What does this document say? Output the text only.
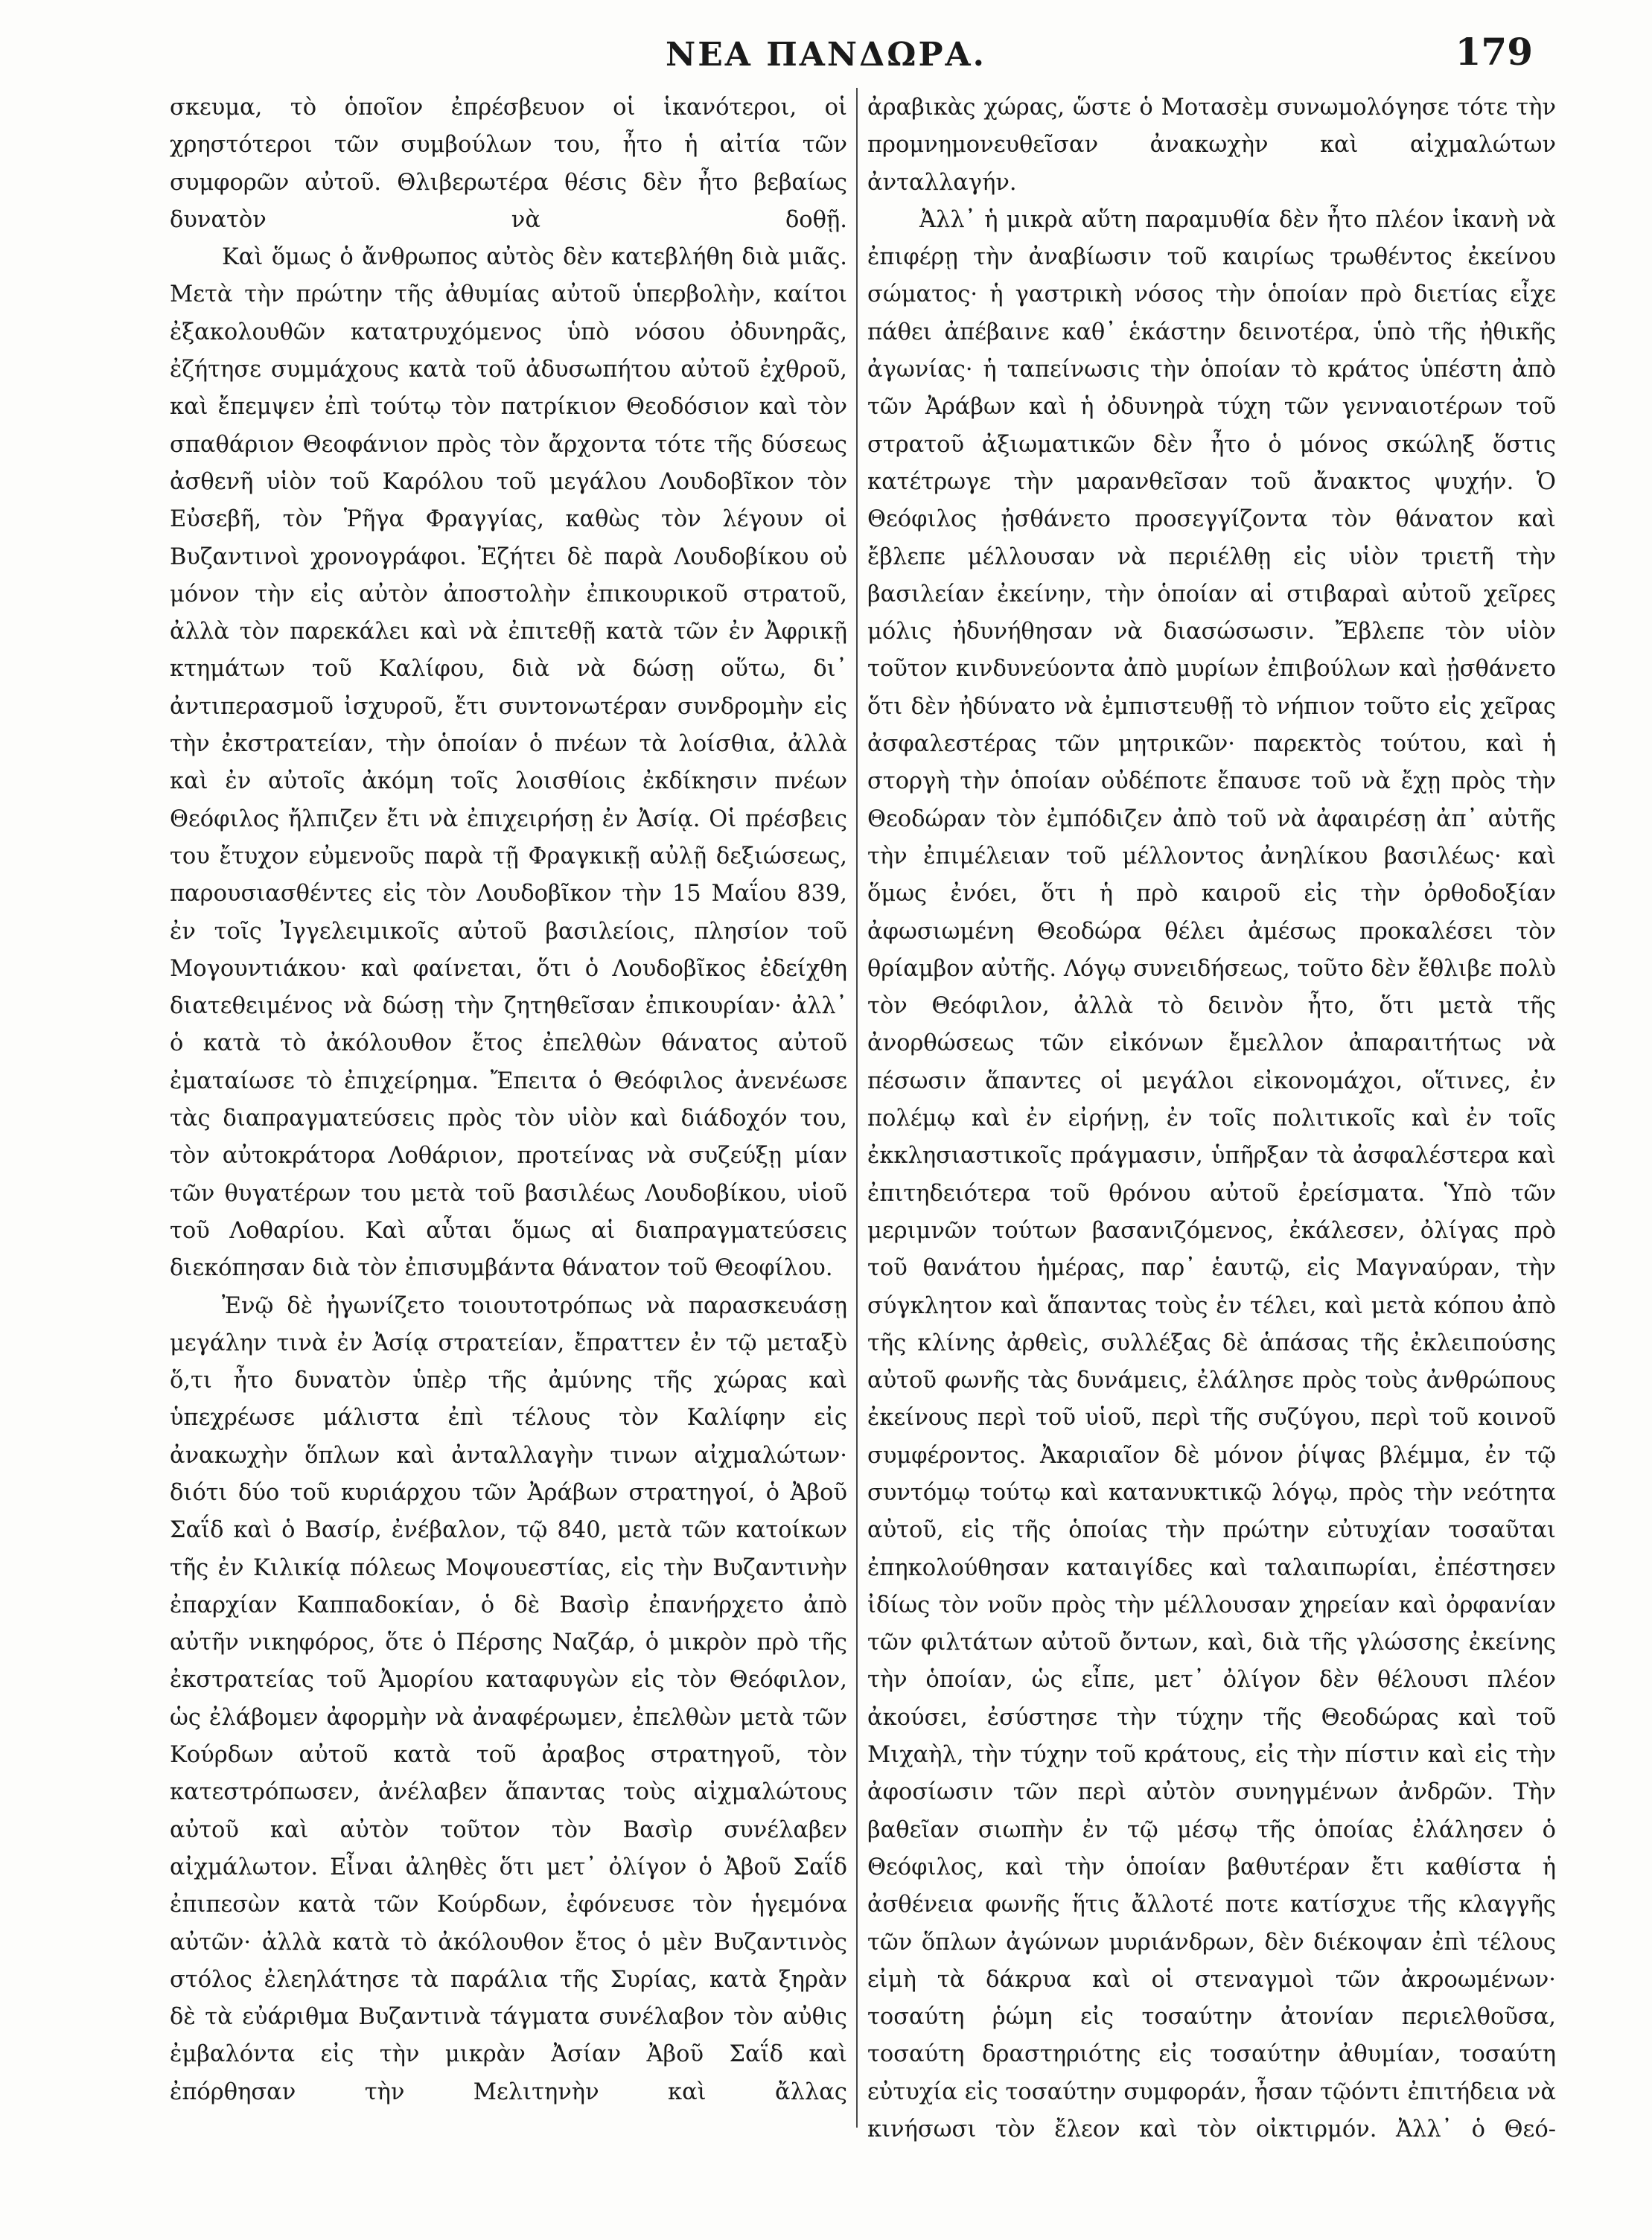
ΝΕΑ ΠΑΝΔΩΡΑ.	179

σκευμα, τὸ ὁποῖον ἐπρέσβευον οἱ ἱκανότεροι, οἱ χρηστότεροι τῶν συμβούλων του, ἦτο ἡ αἰτία τῶν συμφορῶν αὐτοῦ. Θλιβερωτέρα θέσις δὲν ἦτο βεβαίως δυνατὸν νὰ δοθῇ.

Καὶ ὅμως ὁ ἄνθρωπος αὐτὸς δὲν κατεβλήθη διὰ μιᾶς. Μετὰ τὴν πρώτην τῆς ἀθυμίας αὐτοῦ ὑπερβολὴν, καίτοι ἐξακολουθῶν κατατρυχόμενος ὑπὸ νόσου ὀδυνηρᾶς, ἐζήτησε συμμάχους κατὰ τοῦ ἀδυσωπήτου αὐτοῦ ἐχθροῦ, καὶ ἔπεμψεν ἐπὶ τούτῳ τὸν πατρίκιον Θεοδόσιον καὶ τὸν σπαθάριον Θεοφάνιον πρὸς τὸν ἄρχοντα τότε τῆς δύσεως ἀσθενῆ υἱὸν τοῦ Καρόλου τοῦ μεγάλου Λουδοβῖκον τὸν Εὐσεβῆ, τὸν Ῥῆγα Φραγγίας, καθὼς τὸν λέγουν οἱ Βυζαντινοὶ χρονογράφοι. Ἐζήτει δὲ παρὰ Λουδοβίκου οὐ μόνον τὴν εἰς αὐτὸν ἀποστολὴν ἐπικουρικοῦ στρατοῦ, ἀλλὰ τὸν παρεκάλει καὶ νὰ ἐπιτεθῇ κατὰ τῶν ἐν Ἀφρικῇ κτημάτων τοῦ Καλίφου, διὰ νὰ δώσῃ οὕτω, δι᾽ ἀντιπερασμοῦ ἰσχυροῦ, ἔτι συντονωτέραν συνδρομὴν εἰς τὴν ἐκστρατείαν, τὴν ὁποίαν ὁ πνέων τὰ λοίσθια, ἀλλὰ καὶ ἐν αὐτοῖς ἀκόμη τοῖς λοισθίοις ἐκδίκησιν πνέων Θεόφιλος ἤλπιζεν ἔτι νὰ ἐπιχειρήσῃ ἐν Ἀσίᾳ. Οἱ πρέσβεις του ἔτυχον εὐμενοῦς παρὰ τῇ Φραγκικῇ αὐλῇ δεξιώσεως, παρουσιασθέντες εἰς τὸν Λουδοβῖκον τὴν 15 Μαΐου 839, ἐν τοῖς Ἰγγελειμικοῖς αὐτοῦ βασιλείοις, πλησίον τοῦ Μογουντιάκου· καὶ φαίνεται, ὅτι ὁ Λουδοβῖκος ἐδείχθη διατεθειμένος νὰ δώσῃ τὴν ζητηθεῖσαν ἐπικουρίαν· ἀλλ᾽ ὁ κατὰ τὸ ἀκόλουθον ἔτος ἐπελθὼν θάνατος αὐτοῦ ἐματαίωσε τὸ ἐπιχείρημα. Ἔπειτα ὁ Θεόφιλος ἀνενέωσε τὰς διαπραγματεύσεις πρὸς τὸν υἱὸν καὶ διάδοχόν του, τὸν αὐτοκράτορα Λοθάριον, προτείνας νὰ συζεύξῃ μίαν τῶν θυγατέρων του μετὰ τοῦ βασιλέως Λουδοβίκου, υἱοῦ τοῦ Λοθαρίου. Καὶ αὗται ὅμως αἱ διαπραγματεύσεις διεκόπησαν διὰ τὸν ἐπισυμβάντα θάνατον τοῦ Θεοφίλου.

Ἐνῷ δὲ ἠγωνίζετο τοιουτοτρόπως νὰ παρασκευάσῃ μεγάλην τινὰ ἐν Ἀσίᾳ στρατείαν, ἔπραττεν ἐν τῷ μεταξὺ ὅ,τι ἦτο δυνατὸν ὑπὲρ τῆς ἀμύνης τῆς χώρας καὶ ὑπεχρέωσε μάλιστα ἐπὶ τέλους τὸν Καλίφην εἰς ἀνακωχὴν ὅπλων καὶ ἀνταλλαγὴν τινων αἰχμαλώτων· διότι δύο τοῦ κυριάρχου τῶν Ἀράβων στρατηγοί, ὁ Ἀβοῦ Σαΐδ καὶ ὁ Βασίρ, ἐνέβαλον, τῷ 840, μετὰ τῶν κατοίκων τῆς ἐν Κιλικίᾳ πόλεως Μοψουεστίας, εἰς τὴν Βυζαντινὴν ἐπαρχίαν Καππαδοκίαν, ὁ δὲ Βασὶρ ἐπανήρχετο ἀπὸ αὐτῆν νικηφόρος, ὅτε ὁ Πέρσης Ναζάρ, ὁ μικρὸν πρὸ τῆς ἐκστρατείας τοῦ Ἀμορίου καταφυγὼν εἰς τὸν Θεόφιλον, ὡς ἐλάβομεν ἀφορμὴν νὰ ἀναφέρωμεν, ἐπελθὼν μετὰ τῶν Κούρδων αὐτοῦ κατὰ τοῦ ἀραβος στρατηγοῦ, τὸν κατεστρόπωσεν, ἀνέλαβεν ἅπαντας τοὺς αἰχμαλώτους αὐτοῦ καὶ αὐτὸν τοῦτον τὸν Βασὶρ συνέλαβεν αἰχμάλωτον. Εἶναι ἀληθὲς ὅτι μετ᾽ ὀλίγον ὁ Ἀβοῦ Σαΐδ ἐπιπεσὼν κατὰ τῶν Κούρδων, ἐφόνευσε τὸν ἡγεμόνα αὐτῶν· ἀλλὰ κατὰ τὸ ἀκόλουθον ἔτος ὁ μὲν Βυζαντινὸς στόλος ἐλεηλάτησε τὰ παράλια τῆς Συρίας, κατὰ ξηρὰν δὲ τὰ εὐάριθμα Βυζαντινὰ τάγματα συνέλαβον τὸν αὐθις ἐμβαλόντα εἰς τὴν μικρὰν Ἀσίαν Ἀβοῦ Σαΐδ καὶ ἐπόρθησαν τὴν Μελιτηνὴν καὶ ἄλλας

ἀραβικὰς χώρας, ὥστε ὁ Μοτασὲμ συνωμολόγησε τότε τὴν προμνημονευθεῖσαν ἀνακωχὴν καὶ αἰχμαλώτων ἀνταλλαγήν.

Ἀλλ᾽ ἡ μικρὰ αὕτη παραμυθία δὲν ἦτο πλέον ἱκανὴ νὰ ἐπιφέρῃ τὴν ἀναβίωσιν τοῦ καιρίως τρωθέντος ἐκείνου σώματος· ἡ γαστρικὴ νόσος τὴν ὁποίαν πρὸ διετίας εἶχε πάθει ἀπέβαινε καθ᾽ ἑκάστην δεινοτέρα, ὑπὸ τῆς ἠθικῆς ἀγωνίας· ἡ ταπείνωσις τὴν ὁποίαν τὸ κράτος ὑπέστη ἀπὸ τῶν Ἀράβων καὶ ἡ ὀδυνηρὰ τύχη τῶν γενναιοτέρων τοῦ στρατοῦ ἀξιωματικῶν δὲν ἦτο ὁ μόνος σκώληξ ὅστις κατέτρωγε τὴν μαρανθεῖσαν τοῦ ἄνακτος ψυχήν. Ὁ Θεόφιλος ᾐσθάνετο προσεγγίζοντα τὸν θάνατον καὶ ἔβλεπε μέλλουσαν νὰ περιέλθῃ εἰς υἱὸν τριετῆ τὴν βασιλείαν ἐκείνην, τὴν ὁποίαν αἱ στιβαραὶ αὐτοῦ χεῖρες μόλις ἠδυνήθησαν νὰ διασώσωσιν. Ἔβλεπε τὸν υἱὸν τοῦτον κινδυνεύοντα ἀπὸ μυρίων ἐπιβούλων καὶ ᾐσθάνετο ὅτι δὲν ἠδύνατο νὰ ἐμπιστευθῇ τὸ νήπιον τοῦτο εἰς χεῖρας ἀσφαλεστέρας τῶν μητρικῶν· παρεκτὸς τούτου, καὶ ἡ στοργὴ τὴν ὁποίαν οὐδέποτε ἔπαυσε τοῦ νὰ ἔχῃ πρὸς τὴν Θεοδώραν τὸν ἐμπόδιζεν ἀπὸ τοῦ νὰ ἀφαιρέσῃ ἀπ᾽ αὐτῆς τὴν ἐπιμέλειαν τοῦ μέλλοντος ἀνηλίκου βασιλέως· καὶ ὅμως ἐνόει, ὅτι ἡ πρὸ καιροῦ εἰς τὴν ὀρθοδοξίαν ἀφωσιωμένη Θεοδώρα θέλει ἀμέσως προκαλέσει τὸν θρίαμβον αὐτῆς. Λόγῳ συνειδήσεως, τοῦτο δὲν ἔθλιβε πολὺ τὸν Θεόφιλον, ἀλλὰ τὸ δεινὸν ἦτο, ὅτι μετὰ τῆς ἀνορθώσεως τῶν εἰκόνων ἔμελλον ἀπαραιτήτως νὰ πέσωσιν ἅπαντες οἱ μεγάλοι εἰκονομάχοι, οἵτινες, ἐν πολέμῳ καὶ ἐν εἰρήνῃ, ἐν τοῖς πολιτικοῖς καὶ ἐν τοῖς ἐκκλησιαστικοῖς πράγμασιν, ὑπῆρξαν τὰ ἀσφαλέστερα καὶ ἐπιτηδειότερα τοῦ θρόνου αὐτοῦ ἐρείσματα. Ὑπὸ τῶν μεριμνῶν τούτων βασανιζόμενος, ἐκάλεσεν, ὀλίγας πρὸ τοῦ θανάτου ἡμέρας, παρ᾽ ἑαυτῷ, εἰς Μαγναύραν, τὴν σύγκλητον καὶ ἅπαντας τοὺς ἐν τέλει, καὶ μετὰ κόπου ἀπὸ τῆς κλίνης ἀρθεὶς, συλλέξας δὲ ἁπάσας τῆς ἐκλειπούσης αὐτοῦ φωνῆς τὰς δυνάμεις, ἐλάλησε πρὸς τοὺς ἀνθρώπους ἐκείνους περὶ τοῦ υἱοῦ, περὶ τῆς συζύγου, περὶ τοῦ κοινοῦ συμφέροντος. Ἀκαριαῖον δὲ μόνον ῥίψας βλέμμα, ἐν τῷ συντόμῳ τούτῳ καὶ κατανυκτικῷ λόγῳ, πρὸς τὴν νεότητα αὐτοῦ, εἰς τῆς ὁποίας τὴν πρώτην εὐτυχίαν τοσαῦται ἐπηκολούθησαν καταιγίδες καὶ ταλαιπωρίαι, ἐπέστησεν ἰδίως τὸν νοῦν πρὸς τὴν μέλλουσαν χηρείαν καὶ ὀρφανίαν τῶν φιλτάτων αὐτοῦ ὄντων, καὶ, διὰ τῆς γλώσσης ἐκείνης τὴν ὁποίαν, ὡς εἶπε, μετ᾽ ὀλίγον δὲν θέλουσι πλέον ἀκούσει, ἐσύστησε τὴν τύχην τῆς Θεοδώρας καὶ τοῦ Μιχαὴλ, τὴν τύχην τοῦ κράτους, εἰς τὴν πίστιν καὶ εἰς τὴν ἀφοσίωσιν τῶν περὶ αὐτὸν συνηγμένων ἀνδρῶν. Τὴν βαθεῖαν σιωπὴν ἐν τῷ μέσῳ τῆς ὁποίας ἐλάλησεν ὁ Θεόφιλος, καὶ τὴν ὁποίαν βαθυτέραν ἔτι καθίστα ἡ ἀσθένεια φωνῆς ἥτις ἄλλοτέ ποτε κατίσχυε τῆς κλαγγῆς τῶν ὅπλων ἀγώνων μυριάνδρων, δὲν διέκοψαν ἐπὶ τέλους εἰμὴ τὰ δάκρυα καὶ οἱ στεναγμοὶ τῶν ἀκροωμένων· τοσαύτη ῥώμη εἰς τοσαύτην ἀτονίαν περιελθοῦσα, τοσαύτη δραστηριότης εἰς τοσαύτην ἀθυμίαν, τοσαύτη εὐτυχία εἰς τοσαύτην συμφοράν, ἦσαν τῷόντι ἐπιτήδεια νὰ κινήσωσι τὸν ἔλεον καὶ τὸν οἰκτιρμόν. Ἀλλ᾽ ὁ Θεό-
